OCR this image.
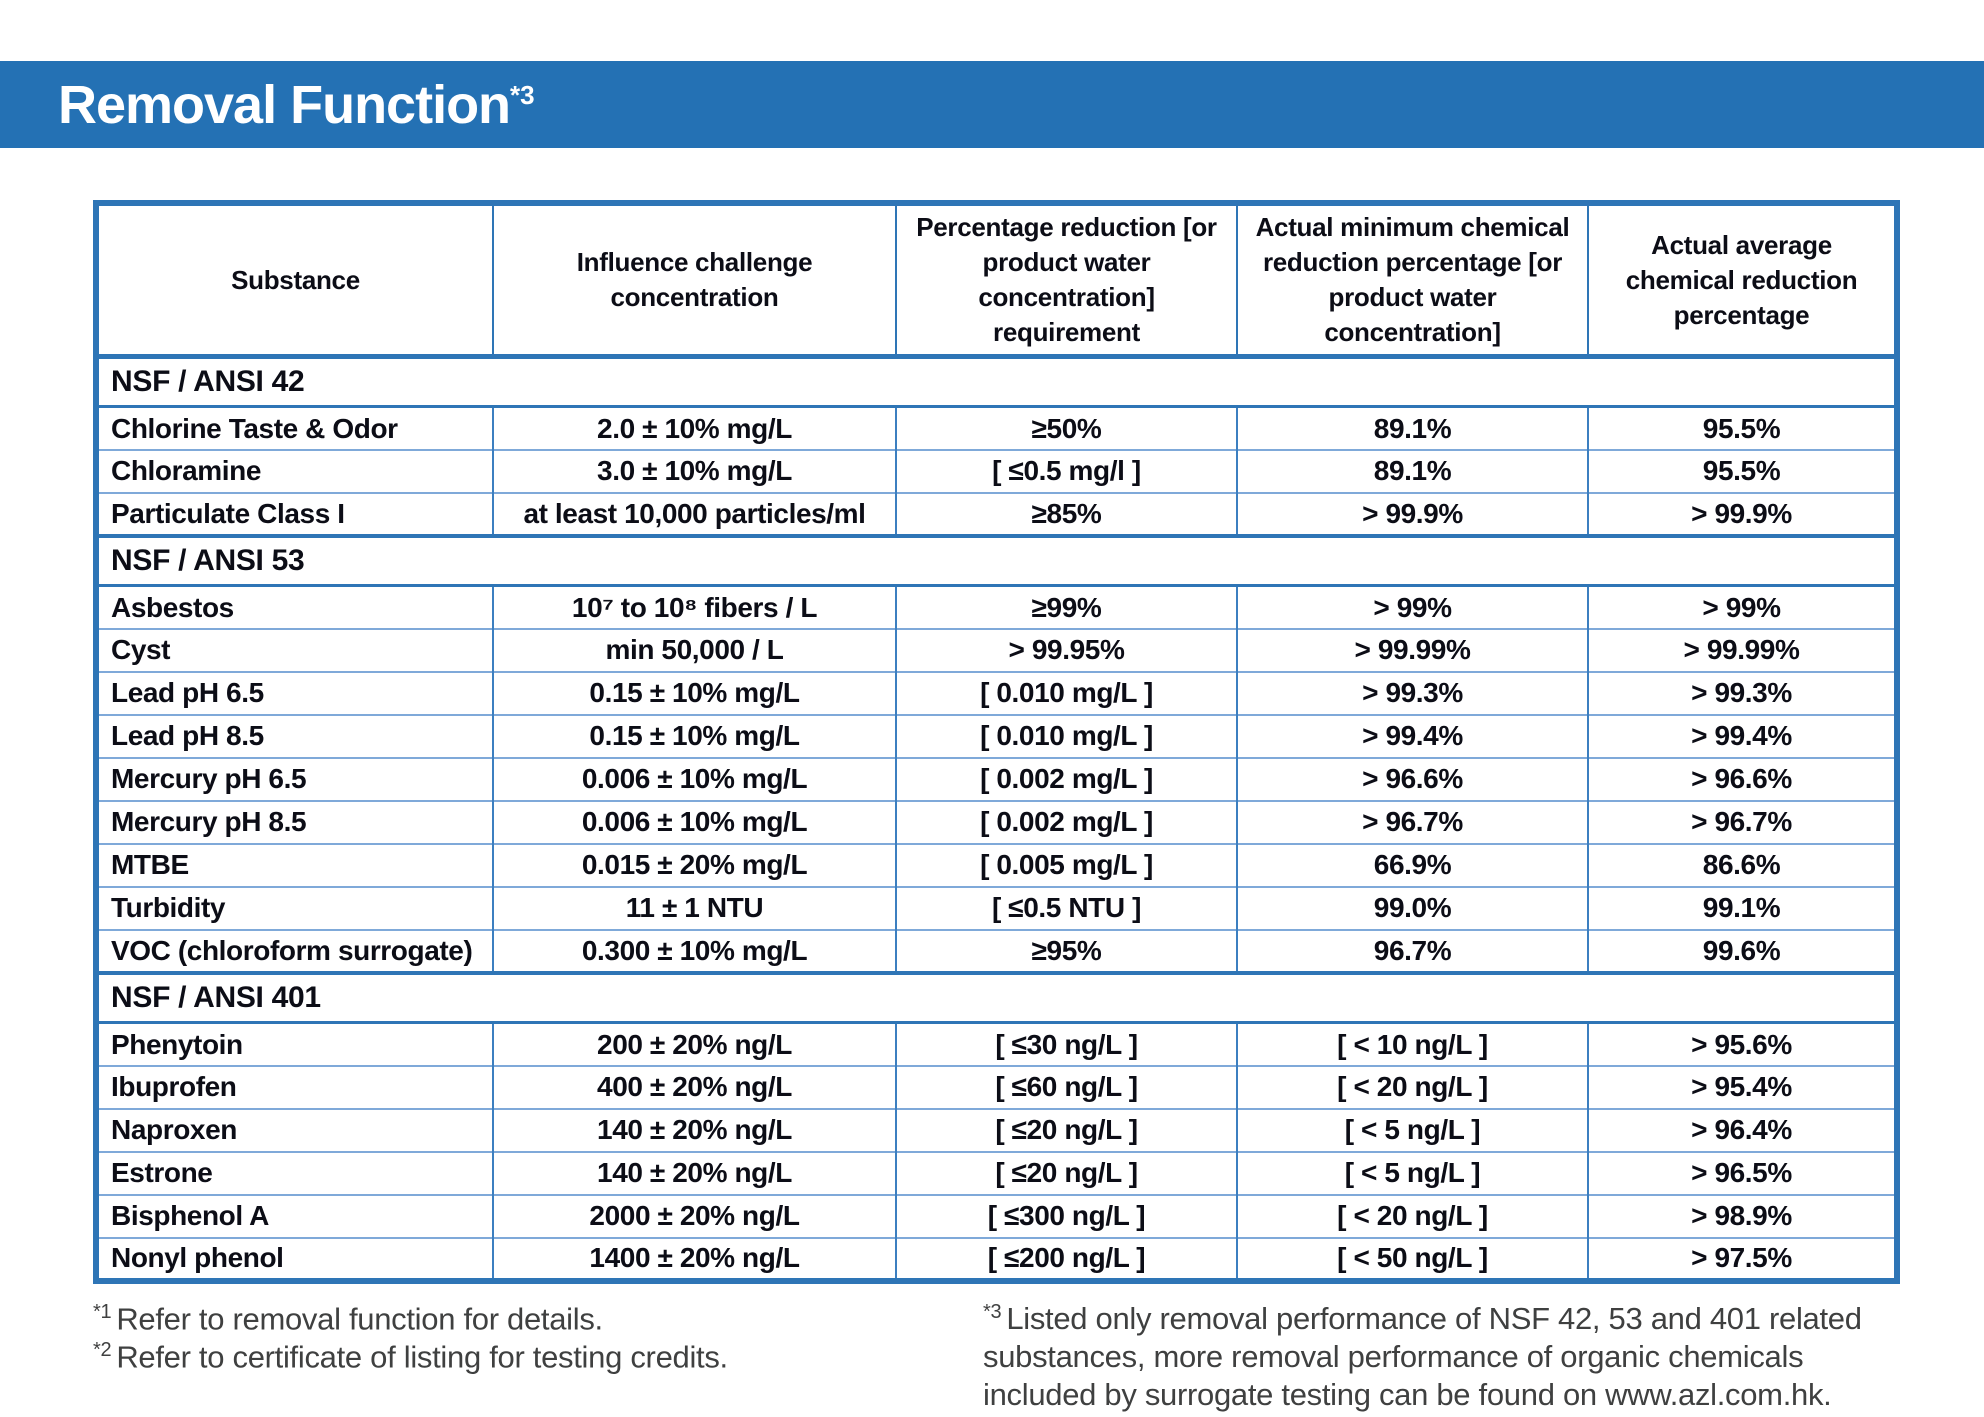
Removal Function$^{*3}$
Substance	Influence challenge concentration	Percentage reduction [or product water concentration] requirement	Actual minimum chemical reduction percentage [or product water concentration]	Actual average chemical reduction percentage
NSF / ANSI 42				
Chlorine Taste & Odor	2.0 ± 10% mg/L	≥50%	89.1%	95.5%
Chloramine	3.0 ± 10% mg/L	[ ≤0.5 mg/l ]	89.1%	95.5%
Particulate Class I	at least 10,000 particles/ml	≥85%	> 99.9%	> 99.9%
NSF / ANSI 53				
Asbestos	10⁷ to 10⁸ fibers / L	≥99%	> 99%	> 99%
Cyst	min 50,000 / L	> 99.95%	> 99.99%	> 99.99%
Lead pH 6.5	0.15 ± 10% mg/L	[ 0.010 mg/L ]	> 99.3%	> 99.3%
Lead pH 8.5	0.15 ± 10% mg/L	[ 0.010 mg/L ]	> 99.4%	> 99.4%
Mercury pH 6.5	0.006 ± 10% mg/L	[ 0.002 mg/L ]	> 96.6%	> 96.6%
Mercury pH 8.5	0.006 ± 10% mg/L	[ 0.002 mg/L ]	> 96.7%	> 96.7%
MTBE	0.015 ± 20% mg/L	[ 0.005 mg/L ]	66.9%	86.6%
Turbidity	11 ± 1 NTU	[ ≤0.5 NTU ]	99.0%	99.1%
VOC (chloroform surrogate)	0.300 ± 10% mg/L	≥95%	96.7%	99.6%
NSF / ANSI 401				
Phenytoin	200 ± 20% ng/L	[ ≤30 ng/L ]	[ < 10 ng/L ]	> 95.6%
Ibuprofen	400 ± 20% ng/L	[ ≤60 ng/L ]	[ < 20 ng/L ]	> 95.4%
Naproxen	140 ± 20% ng/L	[ ≤20 ng/L ]	[ < 5 ng/L ]	> 96.4%
Estrone	140 ± 20% ng/L	[ ≤20 ng/L ]	[ < 5 ng/L ]	> 96.5%
Bisphenol A	2000 ± 20% ng/L	[ ≤300 ng/L ]	[ < 20 ng/L ]	> 98.9%
Nonyl phenol	1400 ± 20% ng/L	[ ≤200 ng/L ]	[ < 50 ng/L ]	> 97.5%
$^{*1}$ Refer to removal function for details.
$^{*2}$ Refer to certificate of listing for testing credits.
$^{*3}$ Listed only removal performance of NSF 42, 53 and 401 related substances, more removal performance of organic chemicals included by surrogate testing can be found on www.azl.com.hk.
